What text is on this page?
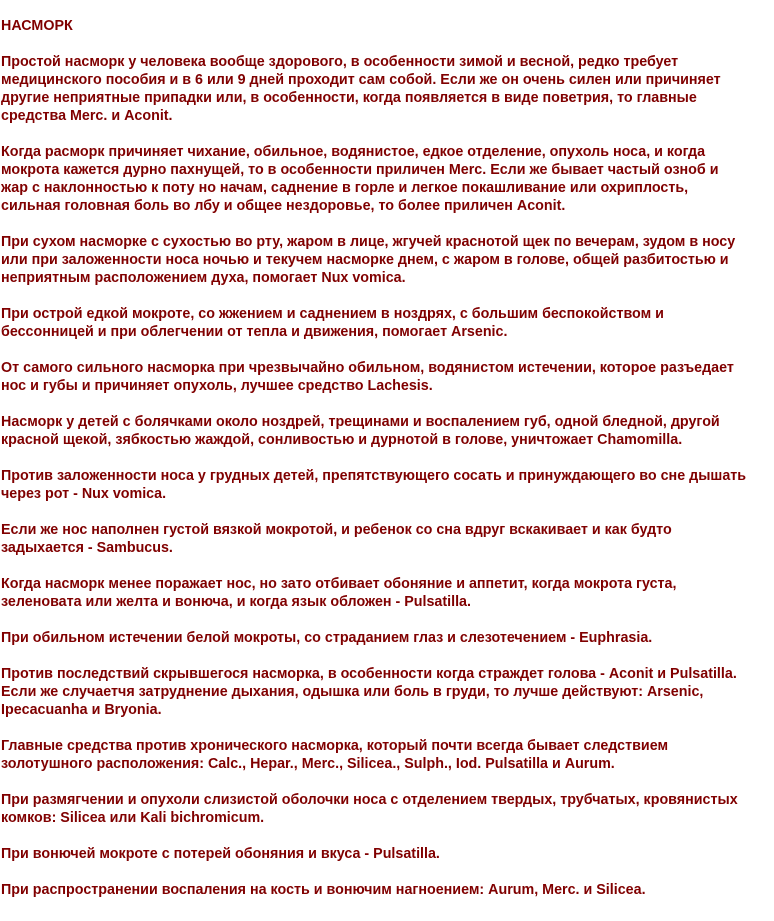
НАСМОРК
Простой насморк у человека вообще здорового, в особенности зимой и весной, редко требует
медицинского пособия и в 6 или 9 дней проходит сам собой. Если же он очень силен или причиняет
другие неприятные припадки или, в особенности, когда появляется в виде поветрия, то главные
средства Merc. и Aconit.
Когда расморк причиняет чихание, обильное, водянистое, едкое отделение, опухоль носа, и когда
мокрота кажется дурно пахнущей, то в особенности приличен Merc. Если же бывает частый озноб и
жар с наклонностью к поту но начам, саднение в горле и легкое покашливание или охриплость,
сильная головная боль во лбу и общее нездоровье, то более приличен Aconit.
При сухом насморке с сухостью во рту, жаром в лице, жгучей краснотой щек по вечерам, зудом в носу
или при заложенности носа ночью и текучем насморке днем, с жаром в голове, общей разбитостью и
неприятным расположением духа, помогает Nux vomica.
При острой едкой мокроте, со жжением и саднением в ноздрях, с большим беспокойством и
бессонницей и при облегчении от тепла и движения, помогает Arsenic.
От самого сильного насморка при чрезвычайно обильном, водянистом истечении, которое разъедает
нос и губы и причиняет опухоль, лучшее средство Lachesis.
Насморк у детей с болячками около ноздрей, трещинами и воспалением губ, одной бледной, другой
красной щекой, зябкостью жаждой, сонливостью и дурнотой в голове, уничтожает Chamomilla.
Против заложенности носа у грудных детей, препятствующего сосать и принуждающего во сне дышать
через рот - Nux vomica.
Если же нос наполнен густой вязкой мокротой, и ребенок со сна вдруг вскакивает и как будто
задыхается - Sambucus.
Когда насморк менее поражает нос, но зато отбивает обоняние и аппетит, когда мокрота густа,
зеленовата или желта и вонюча, и когда язык обложен - Pulsatilla.
При обильном истечении белой мокроты, со страданием глаз и слезотечением - Euphrasia.
Против последствий скрывшегося насморка, в особенности когда страждет голова - Aconit и Pulsatilla.
Если же случаетчя затруднение дыхания, одышка или боль в груди, то лучше действуют: Arsenic,
Ipecacuanha и Bryonia.
Главные средства против хронического насморка, который почти всегда бывает следствием
золотушного расположения: Calc., Hepar., Merc., Silicea., Sulph., Iod. Pulsatilla и Aurum.
При размягчении и опухоли слизистой оболочки носа с отделением твердых, трубчатых, кровянистых
комков: Silicea или Kali bichromicum.
При вонючей мокроте с потерей обоняния и вкуса - Pulsatilla.
При распространении воспаления на кость и вонючим нагноением: Aurum, Merc. и Silicea.
